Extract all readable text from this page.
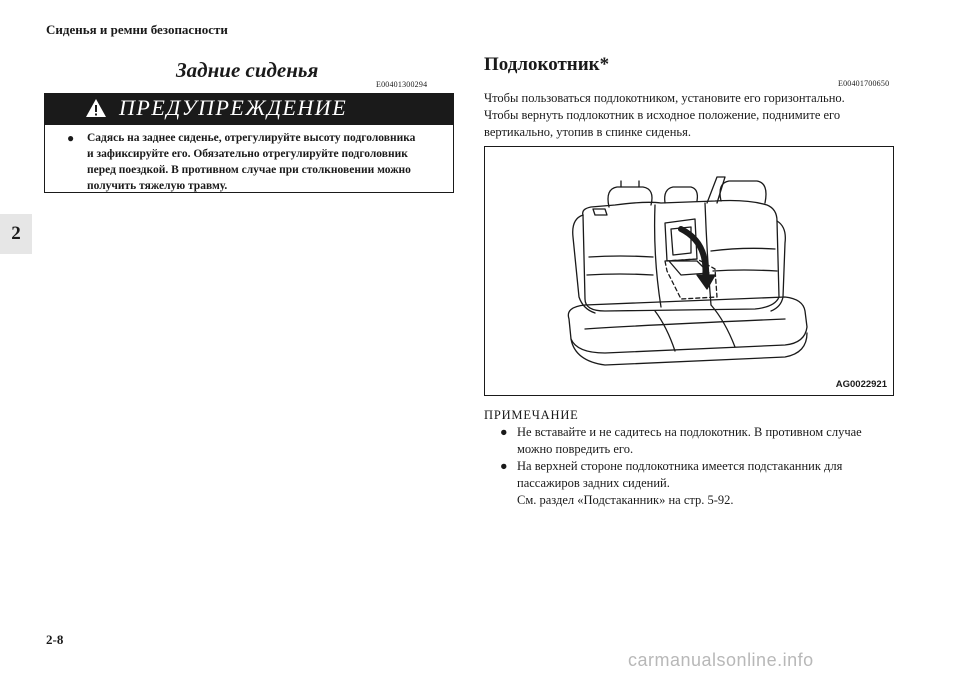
Сиденья и ремни безопасности
2
Задние сиденья
E00401300294
ПРЕДУПРЕЖДЕНИЕ
● Садясь на заднее сиденье, отрегулируйте высоту подголовника
и зафиксируйте его. Обязательно отрегулируйте подголовник
перед поездкой. В противном случае при столкновении можно
получить тяжелую травму.
Подлокотник*
E00401700650
Чтобы пользоваться подлокотником, установите его горизонтально.
Чтобы вернуть подлокотник в исходное положение, поднимите его
вертикально, утопив в спинке сиденья.
AG0022921
ПРИМЕЧАНИЕ
● Не вставайте и не садитесь на подлокотник. В противном случае
можно повредить его.
● На верхней стороне подлокотника имеется подстаканник для
пассажиров задних сидений.
См. раздел «Подстаканник» на стр. 5-92.
2-8
carmanualsonline.info
